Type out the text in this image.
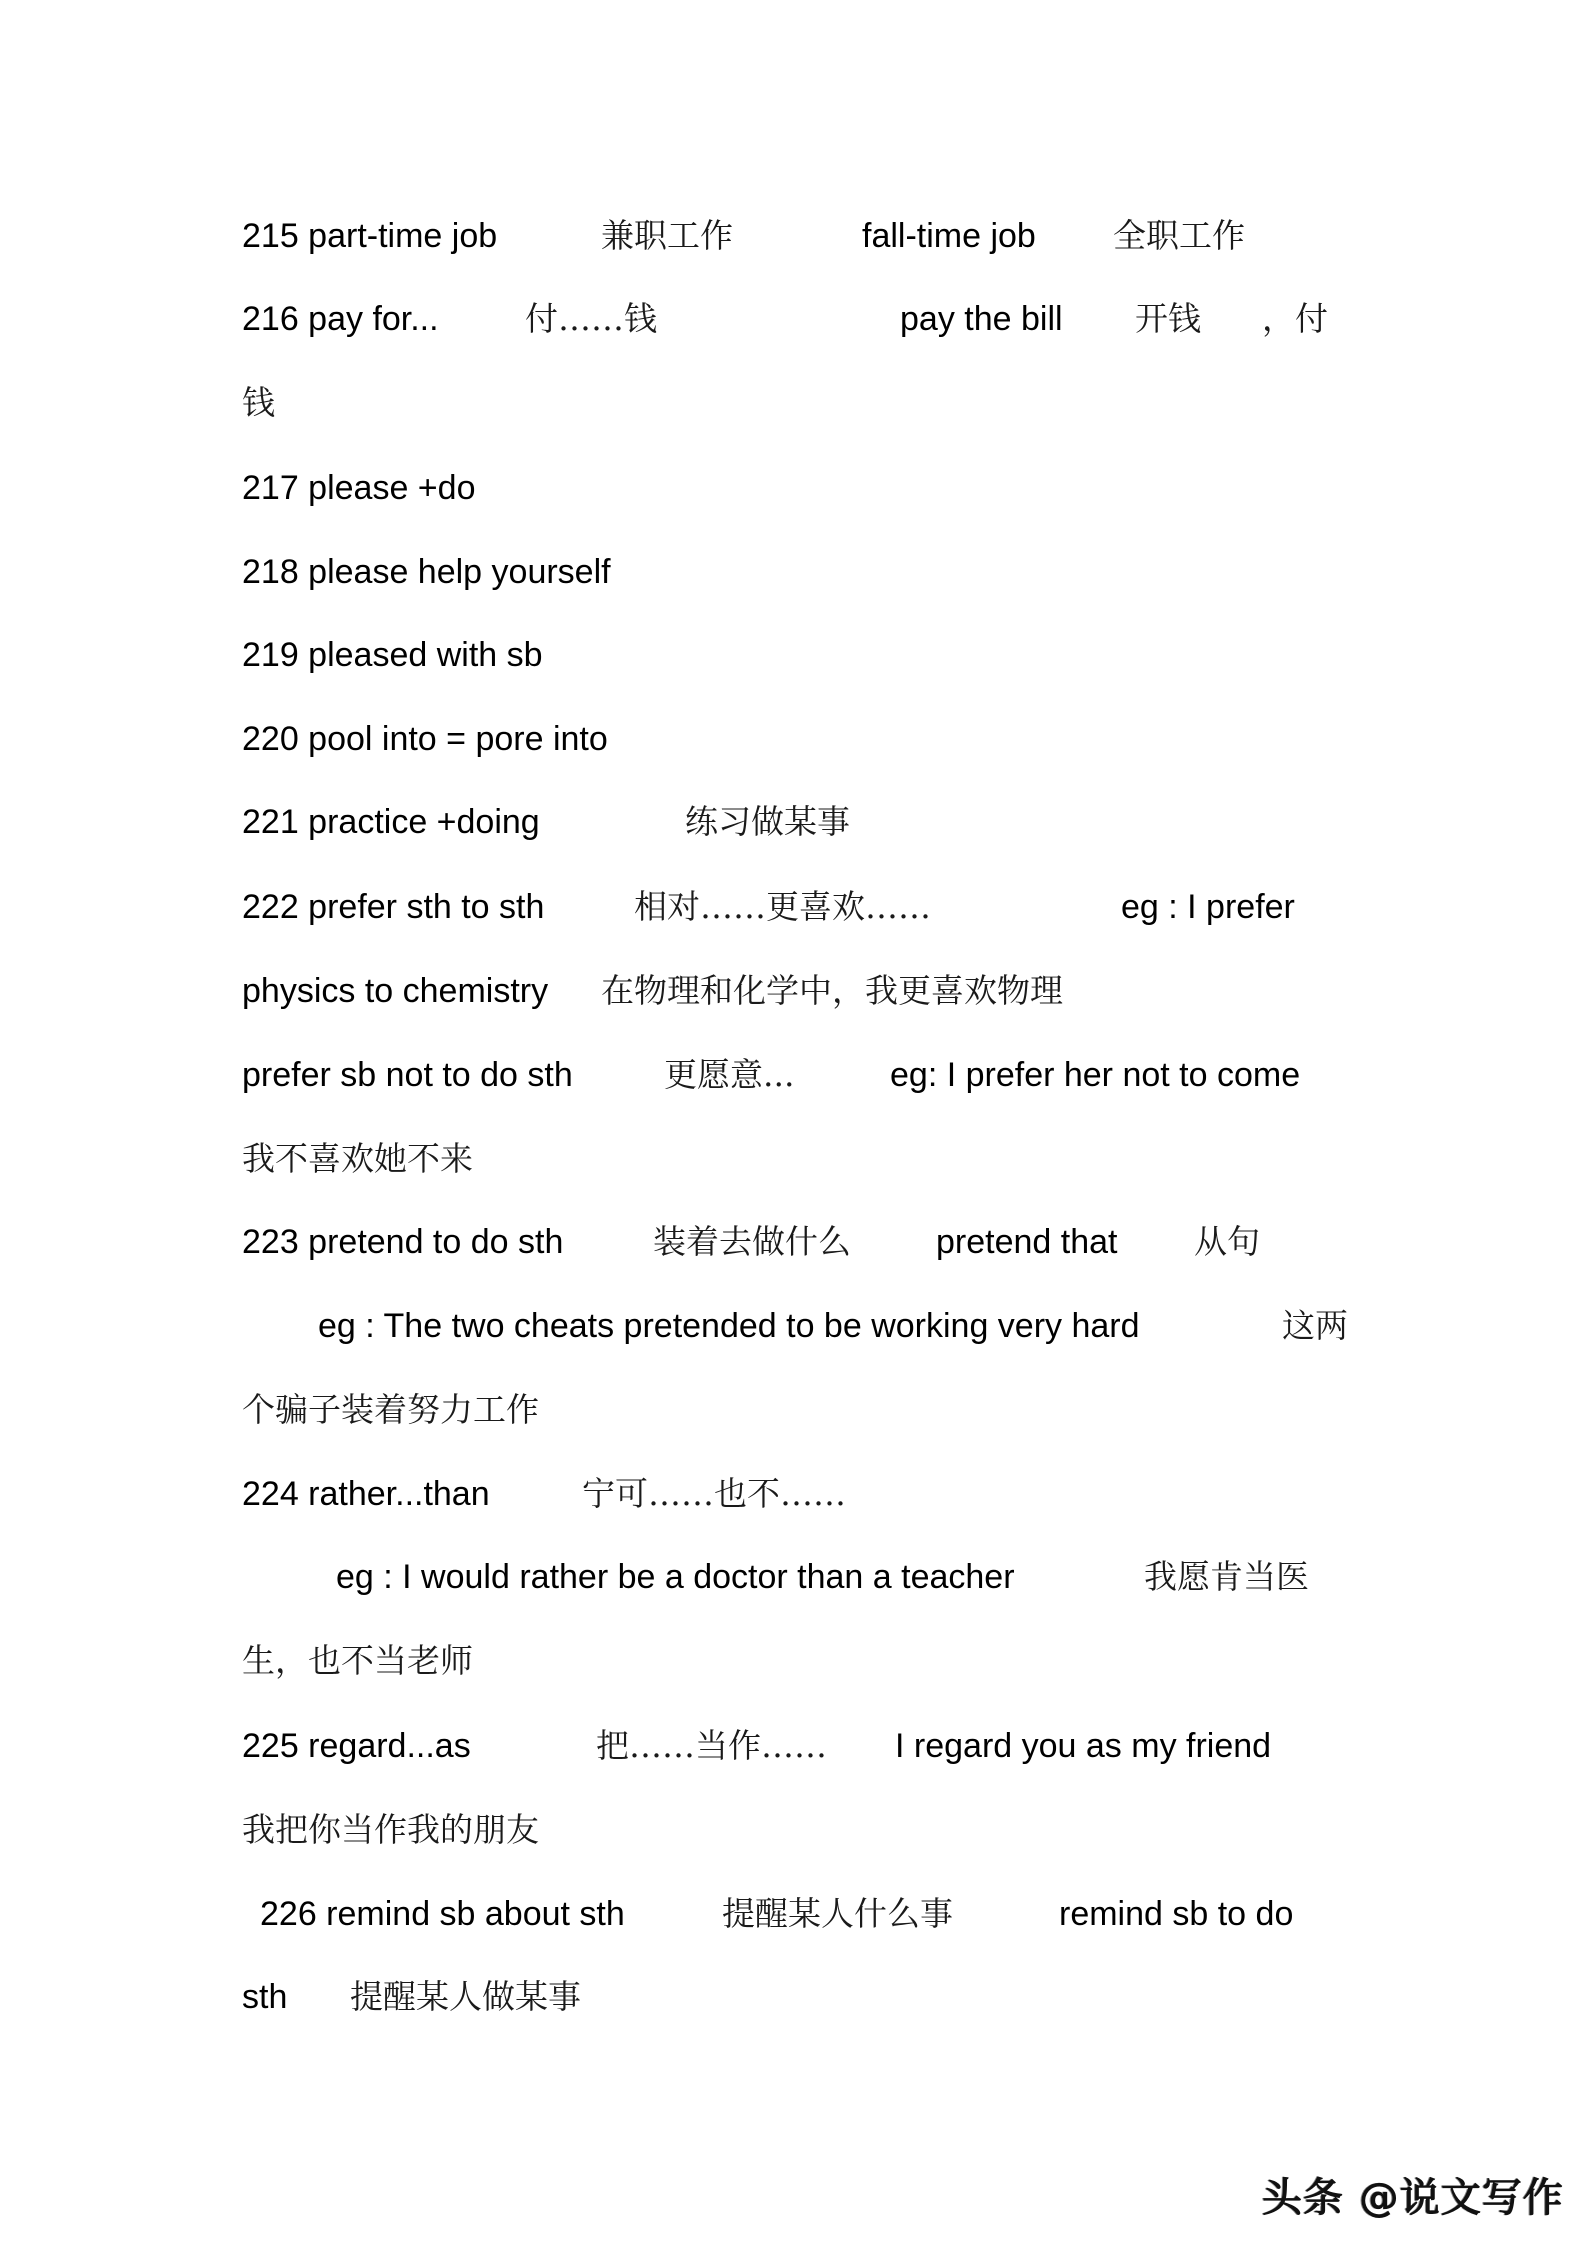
215 part-time job	兼职工作	fall-time job 全职工作
216 pay for...	付……钱	pay the bill 开钱 ，付
钱
217 please +do
218 please help yourself
219 pleased with sb
220 pool into = pore into
221 practice +doing	练习做某事
222 prefer sth to sth	相对……更喜欢……	eg : I prefer
physics to chemistry 在物理和化学中，我更喜欢物理
prefer sb not to do sth	更愿意...	eg: I prefer her not to come
我不喜欢她不来
223 pretend to do sth	装着去做什么	pretend that 从句
eg : The two cheats pretended to be working very hard	这两
个骗子装着努力工作
224 rather...than	宁可……也不……
eg : I would rather be a doctor than a teacher	我愿肯当医
生，也不当老师
225 regard...as	把……当作…… I regard you as my friend
我把你当作我的朋友
226 remind sb about sth	提醒某人什么事	remind sb to do
sth 提醒某人做某事
头条 @说文写作
